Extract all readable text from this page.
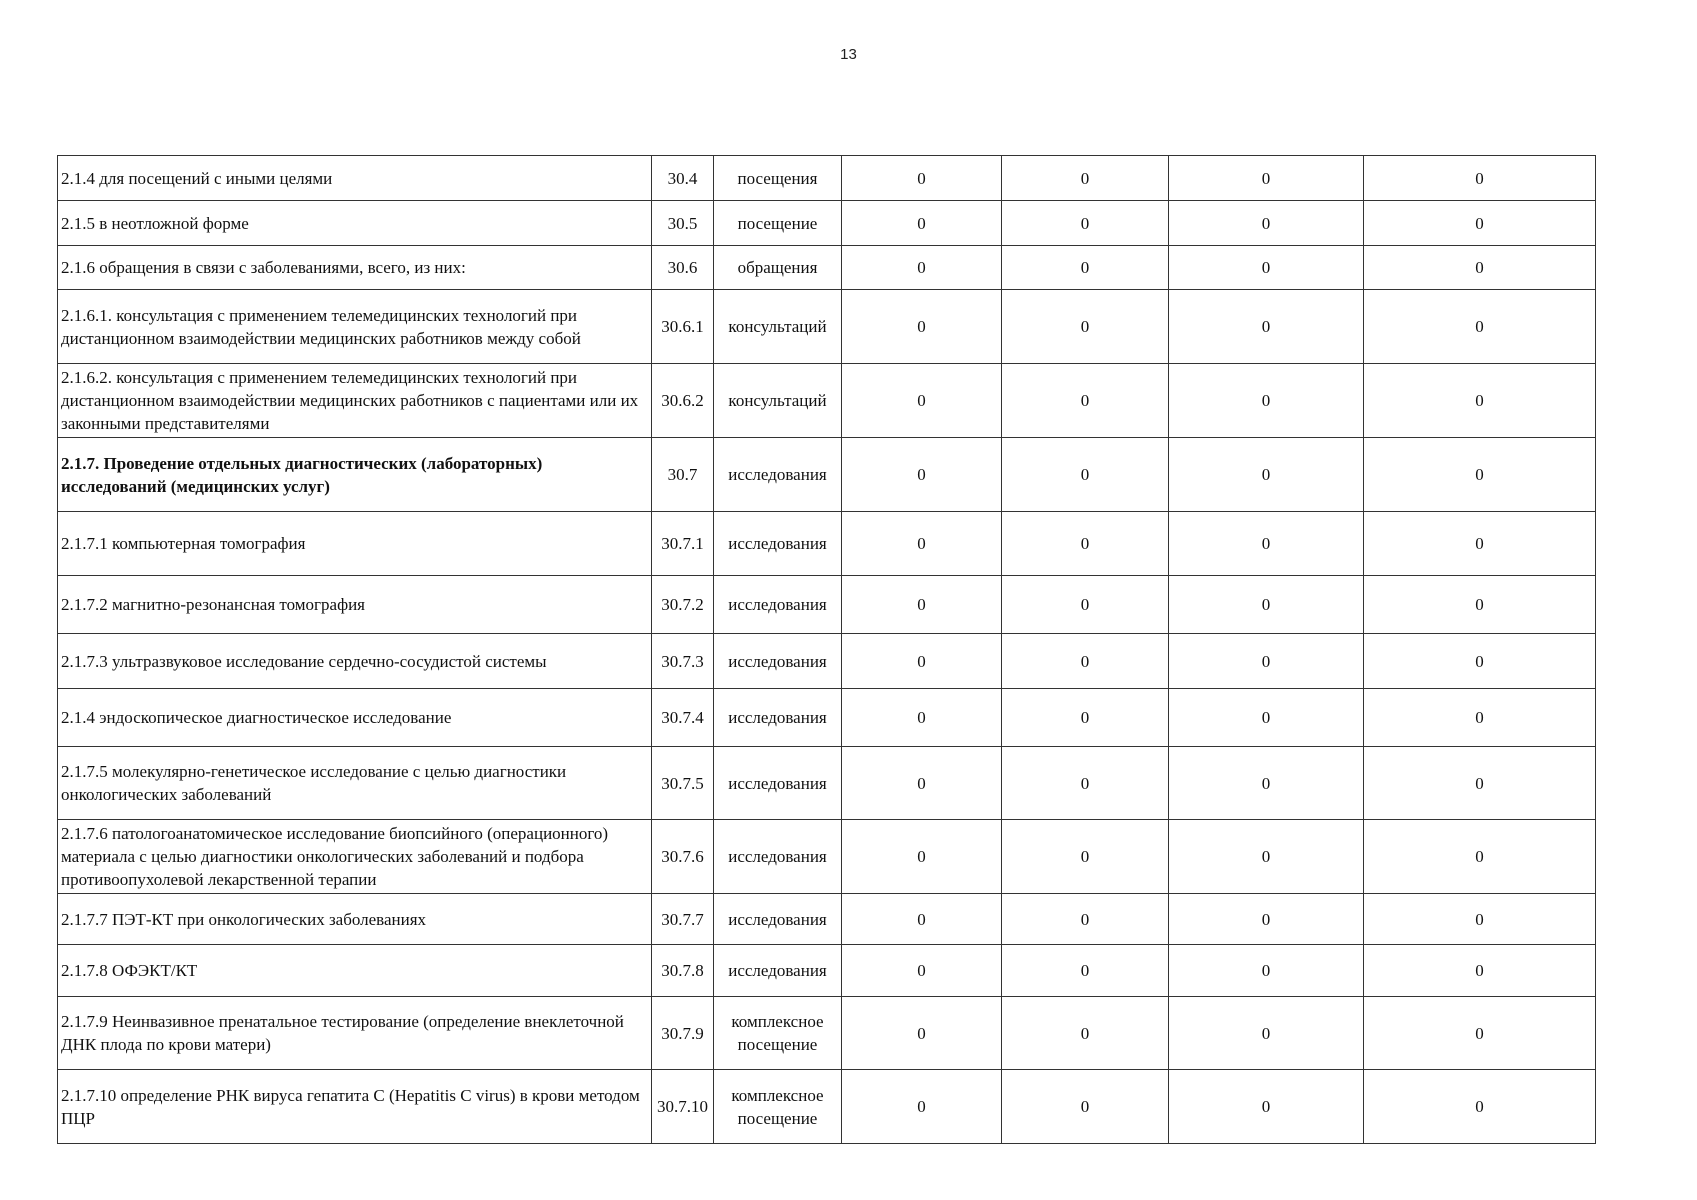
13
2.1.4 для посещений с иными целями	30.4	посещения	0	0	0	0
2.1.5 в неотложной форме	30.5	посещение	0	0	0	0
2.1.6 обращения в связи с заболеваниями, всего, из них:	30.6	обращения	0	0	0	0
2.1.6.1. консультация с применением телемедицинских технологий при дистанционном взаимодействии медицинских работников между собой	30.6.1	консультаций	0	0	0	0
2.1.6.2. консультация с применением телемедицинских технологий при дистанционном взаимодействии медицинских работников с пациентами или их законными представителями	30.6.2	консультаций	0	0	0	0
2.1.7. Проведение отдельных диагностических (лабораторных) исследований (медицинских услуг)	30.7	исследования	0	0	0	0
2.1.7.1 компьютерная томография	30.7.1	исследования	0	0	0	0
2.1.7.2 магнитно-резонансная томография	30.7.2	исследования	0	0	0	0
2.1.7.3 ультразвуковое исследование сердечно-сосудистой системы	30.7.3	исследования	0	0	0	0
2.1.4 эндоскопическое диагностическое исследование	30.7.4	исследования	0	0	0	0
2.1.7.5 молекулярно-генетическое исследование с целью диагностики онкологических заболеваний	30.7.5	исследования	0	0	0	0
2.1.7.6 патологоанатомическое исследование биопсийного (операционного) материала с целью диагностики онкологических заболеваний и подбора противоопухолевой лекарственной терапии	30.7.6	исследования	0	0	0	0
2.1.7.7 ПЭТ-КТ при онкологических заболеваниях	30.7.7	исследования	0	0	0	0
2.1.7.8 ОФЭКТ/КТ	30.7.8	исследования	0	0	0	0
2.1.7.9 Неинвазивное пренатальное тестирование (определение внеклеточной ДНК плода по крови матери)	30.7.9	комплексное посещение	0	0	0	0
2.1.7.10 определение РНК вируса гепатита С (Hepatitis C virus) в крови методом ПЦР	30.7.10	комплексное посещение	0	0	0	0
